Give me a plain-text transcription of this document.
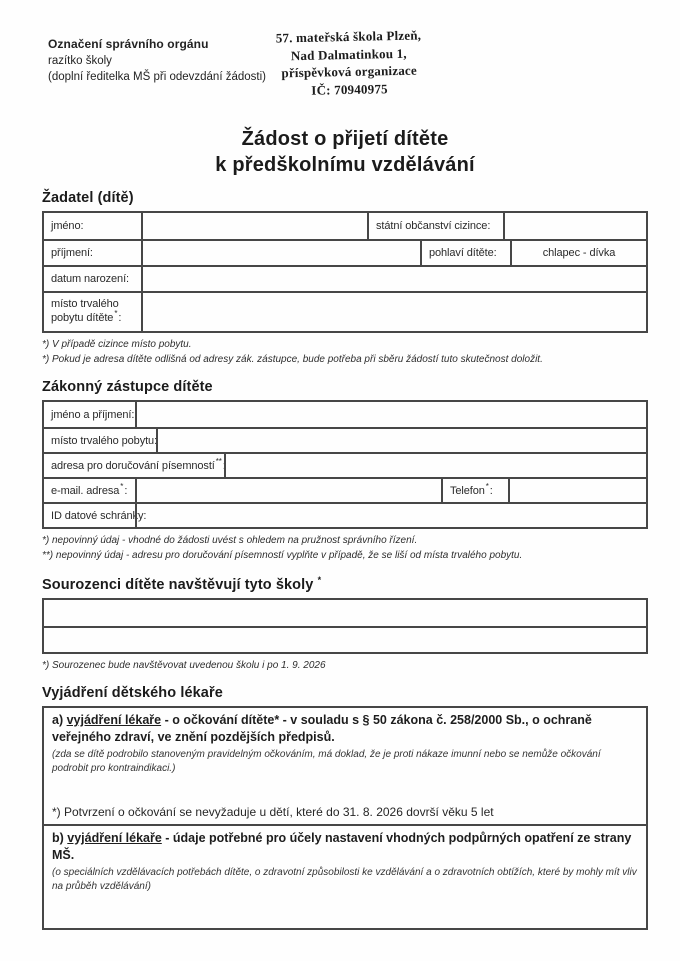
Označení správního orgánu
razítko školy
(doplní ředitelka MŠ při odevzdání žádosti)
57. mateřská škola Plzeň,
Nad Dalmatinkou 1,
příspěvková organizace
IČ: 70940975
Žádost o přijetí dítěte
k předškolnímu vzdělávání
Žadatel (dítě)
jméno:	státní občanství cizince:
příjmení:	pohlaví dítěte:	chlapec - dívka
datum narození:
místo trvalého pobytu dítěte*:
*) V případě cizince místo pobytu.
*) Pokud je adresa dítěte odlišná od adresy zák. zástupce, bude potřeba při sběru žádostí tuto skutečnost doložit.
Zákonný zástupce dítěte
jméno a příjmení:
místo trvalého pobytu:
adresa pro doručování písemností**:
e-mail. adresa*:	Telefon*:
ID datové schránky:
*) nepovinný údaj - vhodné do žádosti uvést s ohledem na pružnost správního řízení.
**) nepovinný údaj - adresu pro doručování písemností vyplňte v případě, že se liší od místa trvalého pobytu.
Sourozenci dítěte navštěvují tyto školy *
*) Sourozenec bude navštěvovat uvedenou školu i po 1. 9. 2026
Vyjádření dětského lékaře
a) vyjádření lékaře - o očkování dítěte* - v souladu s § 50 zákona č. 258/2000 Sb., o ochraně veřejného zdraví, ve znění pozdějších předpisů.
(zda se dítě podrobilo stanoveným pravidelným očkováním, má doklad, že je proti nákaze imunní nebo se nemůže očkování podrobit pro kontraindikaci.)
*) Potvrzení o očkování se nevyžaduje u dětí, které do 31. 8. 2026 dovrší věku 5 let
b) vyjádření lékaře - údaje potřebné pro účely nastavení vhodných podpůrných opatření ze strany MŠ.
(o speciálních vzdělávacích potřebách dítěte, o zdravotní způsobilosti ke vzdělávání a o zdravotních obtížích, které by mohly mít vliv na průběh vzdělávání)
